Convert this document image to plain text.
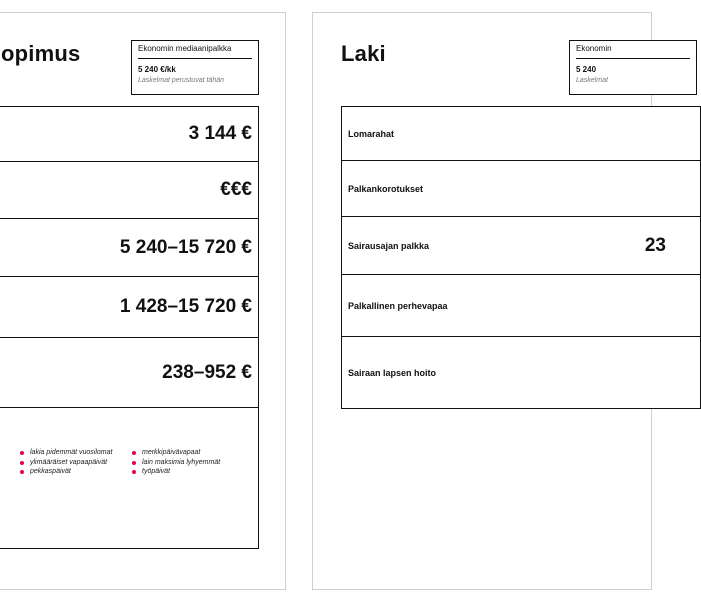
opimus	Ekonomin mediaanipalkka
5 240 €/kk
Laskelmat perustuvat tähän
3 144 €
€€€
5 240–15 720 €
1 428–15 720 €
238–952 €
lakia pidemmät vuosilomat
ylimääräiset vapaapäivät
pekkaspäivät
merkkipäivävapaat
lain maksimia lyhyemmät
työpäivät
Laki	Ekonomin
5 240
Laskelmat
Lomarahat
Palkankorotukset
Sairausajan palkka	23
Palkallinen perhevapaa
Sairaan lapsen hoito
